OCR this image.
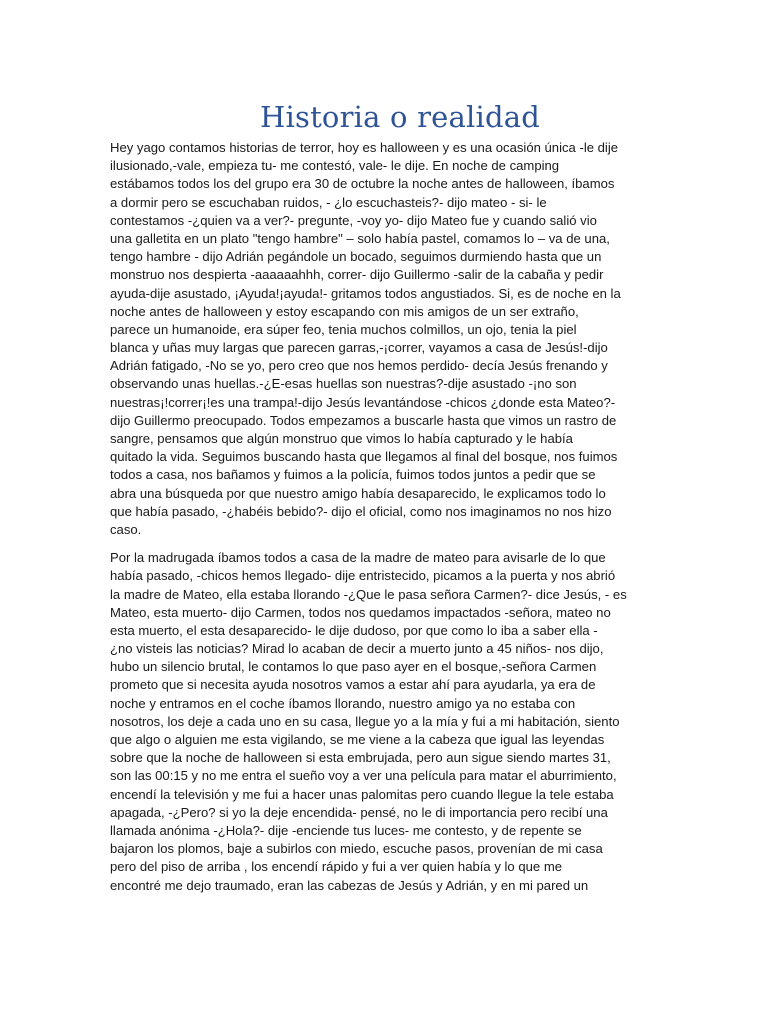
Historia o realidad
Hey yago contamos historias de terror, hoy es halloween y es una ocasión única -le dije
ilusionado,-vale, empieza tu- me contestó, vale- le dije. En noche de camping
estábamos todos los del grupo era 30 de octubre la noche antes de halloween, íbamos
a dormir pero se escuchaban ruidos, - ¿lo escuchasteis?- dijo mateo - si- le
contestamos -¿quien va a ver?- pregunte, -voy yo- dijo Mateo fue y cuando salió vio
una galletita en un plato "tengo hambre" – solo había pastel, comamos lo – va de una,
tengo hambre - dijo Adrián pegándole un bocado, seguimos durmiendo hasta que un
monstruo nos despierta -aaaaaahhh, correr- dijo Guillermo -salir de la cabaña y pedir
ayuda-dije asustado, ¡Ayuda!¡ayuda!- gritamos todos angustiados. Si, es de noche en la
noche antes de halloween y estoy escapando con mis amigos de un ser extraño,
parece un humanoide, era súper feo, tenia muchos colmillos, un ojo, tenia la piel
blanca y uñas muy largas que parecen garras,-¡correr, vayamos a casa de Jesús!-dijo
Adrián fatigado, -No se yo, pero creo que nos hemos perdido- decía Jesús frenando y
observando unas huellas.-¿E-esas huellas son nuestras?-dije asustado -¡no son
nuestras¡!correr¡!es una trampa!-dijo Jesús levantándose -chicos ¿donde esta Mateo?-
dijo Guillermo preocupado. Todos empezamos a buscarle hasta que vimos un rastro de
sangre, pensamos que algún monstruo que vimos lo había capturado y le había
quitado la vida. Seguimos buscando hasta que llegamos al final del bosque, nos fuimos
todos a casa, nos bañamos y fuimos a la policía, fuimos todos juntos a pedir que se
abra una búsqueda por que nuestro amigo había desaparecido, le explicamos todo lo
que había pasado, -¿habéis bebido?- dijo el oficial, como nos imaginamos no nos hizo
caso.
Por la madrugada íbamos todos a casa de la madre de mateo para avisarle de lo que
había pasado, -chicos hemos llegado- dije entristecido, picamos a la puerta y nos abrió
la madre de Mateo, ella estaba llorando -¿Que le pasa señora Carmen?- dice Jesús, - es
Mateo, esta muerto- dijo Carmen, todos nos quedamos impactados -señora, mateo no
esta muerto, el esta desaparecido- le dije dudoso, por que como lo iba a saber ella -
¿no visteis las noticias? Mirad lo acaban de decir a muerto junto a 45 niños- nos dijo,
hubo un silencio brutal, le contamos lo que paso ayer en el bosque,-señora Carmen
prometo que si necesita ayuda nosotros vamos a estar ahí para ayudarla, ya era de
noche y entramos en el coche íbamos llorando, nuestro amigo ya no estaba con
nosotros, los deje a cada uno en su casa, llegue yo a la mía y fui a mi habitación, siento
que algo o alguien me esta vigilando, se me viene a la cabeza que igual las leyendas
sobre que la noche de halloween si esta embrujada, pero aun sigue siendo martes 31,
son las 00:15 y no me entra el sueño voy a ver una película para matar el aburrimiento,
encendí la televisión y me fui a hacer unas palomitas pero cuando llegue la tele estaba
apagada, -¿Pero? si yo la deje encendida- pensé, no le di importancia pero recibí una
llamada anónima -¿Hola?- dije -enciende tus luces- me contesto, y de repente se
bajaron los plomos, baje a subirlos con miedo, escuche pasos, provenían de mi casa
pero del piso de arriba , los encendí rápido y fui a ver quien había y lo que me
encontré me dejo traumado, eran las cabezas de Jesús y Adrián, y en mi pared un
